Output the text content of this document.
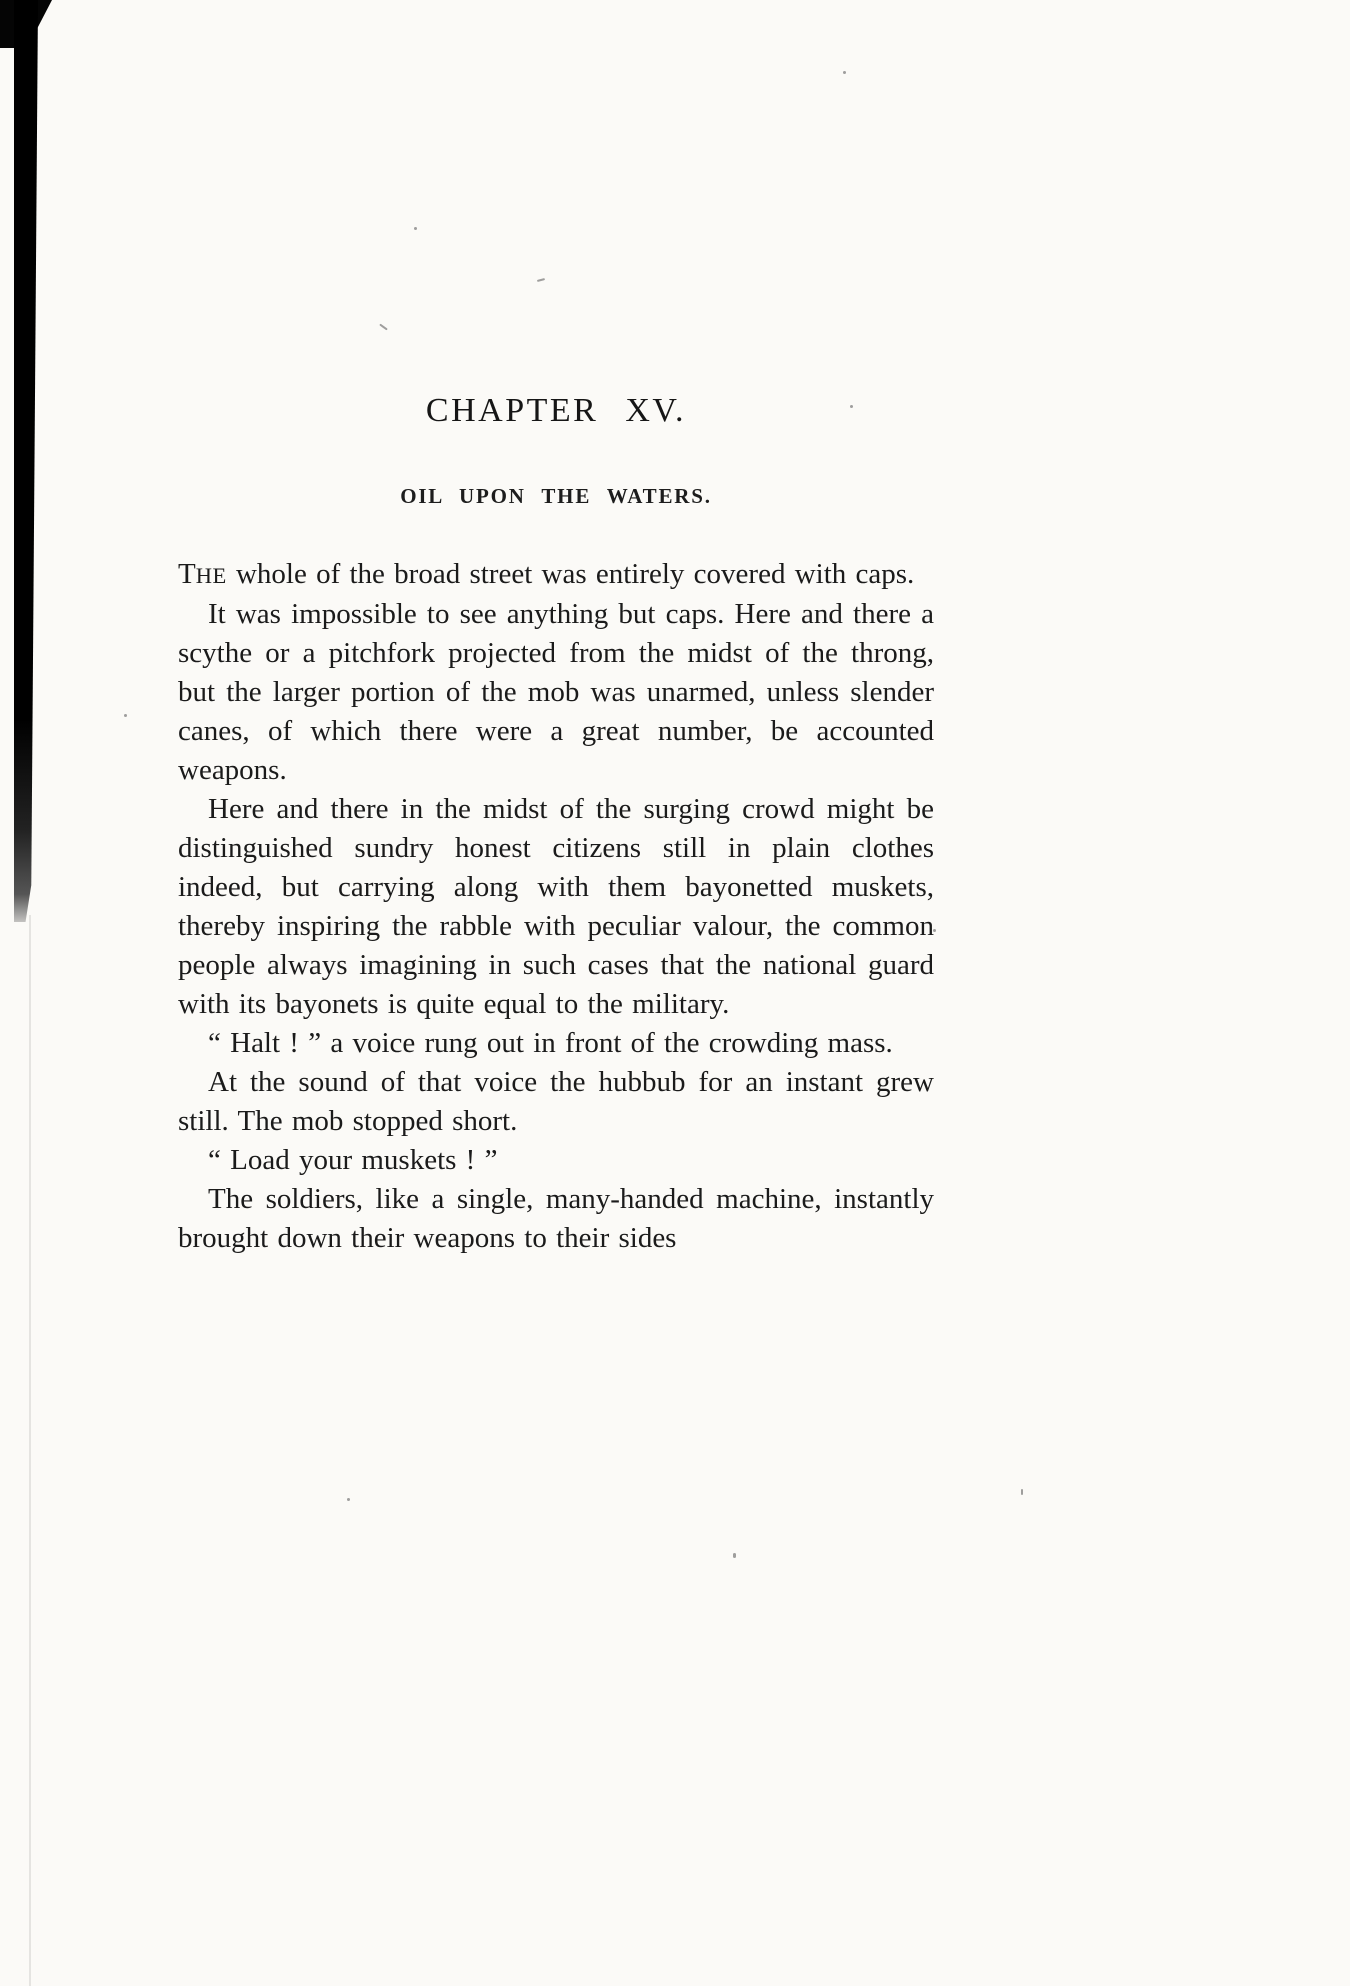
CHAPTER XV.
OIL UPON THE WATERS.

THE whole of the broad street was entirely covered with caps.

It was impossible to see anything but caps. Here and there a scythe or a pitchfork projected from the midst of the throng, but the larger portion of the mob was unarmed, unless slender canes, of which there were a great number, be accounted weapons.

Here and there in the midst of the surging crowd might be distinguished sundry honest citizens still in plain clothes indeed, but carrying along with them bayonetted muskets, thereby inspiring the rabble with peculiar valour, the common people always imagining in such cases that the national guard with its bayonets is quite equal to the military.

“ Halt ! ” a voice rung out in front of the crowding mass.

At the sound of that voice the hubbub for an instant grew still. The mob stopped short.

“ Load your muskets ! ”

The soldiers, like a single, many-handed machine, instantly brought down their weapons to their sides
